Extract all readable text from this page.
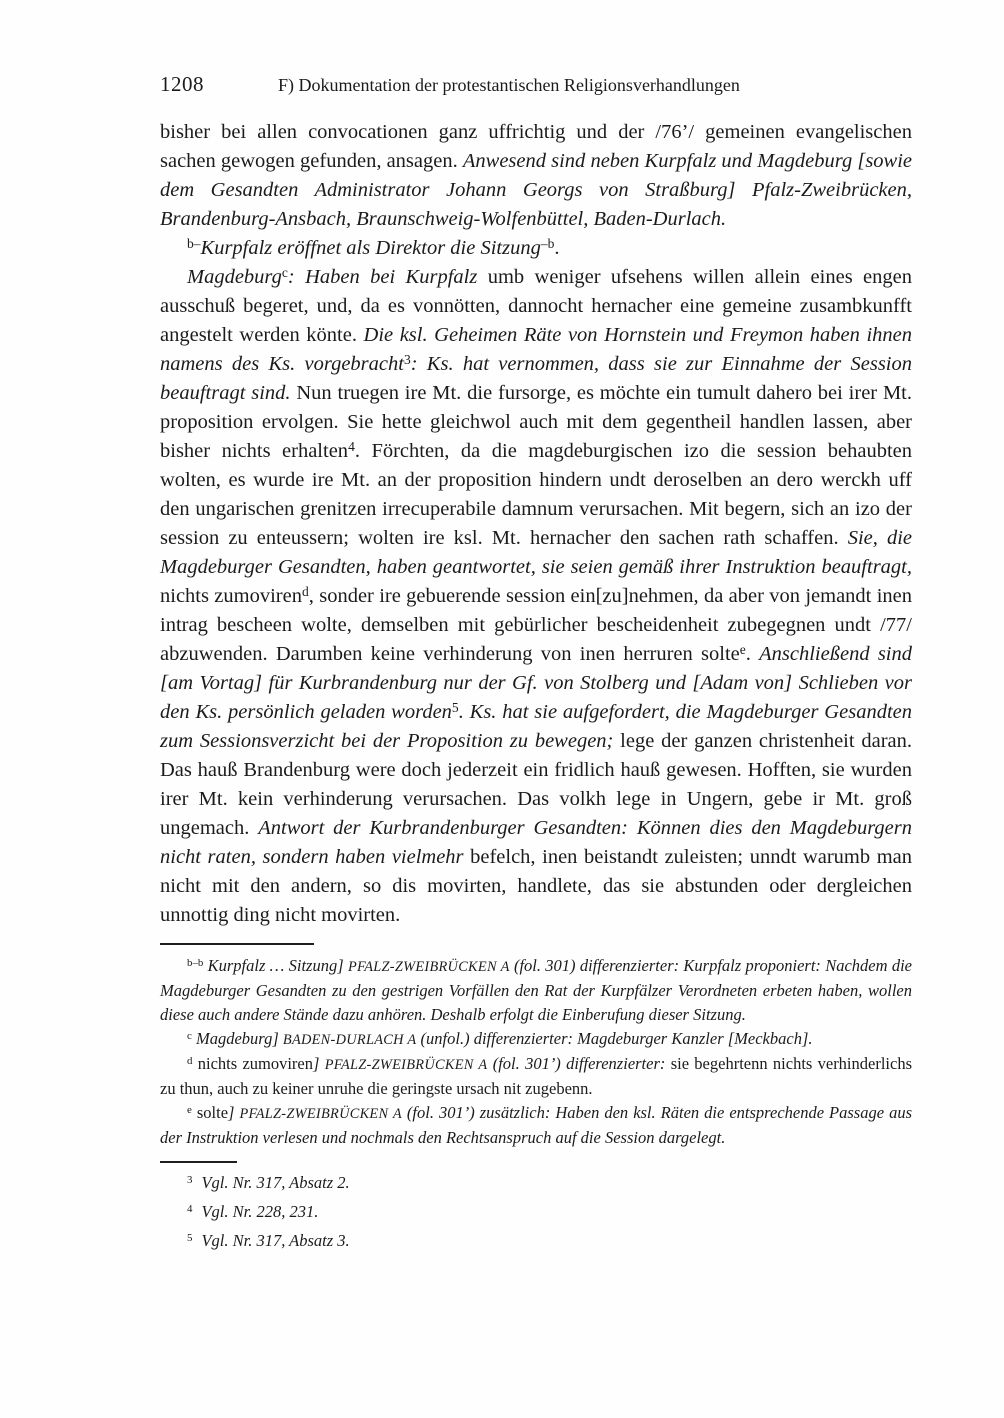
1208	F) Dokumentation der protestantischen Religionsverhandlungen

bisher bei allen convocationen ganz uffrichtig und der /76’/ gemeinen evangelischen sachen gewogen gefunden, ansagen. Anwesend sind neben Kurpfalz und Magdeburg [sowie dem Gesandten Administrator Johann Georgs von Straßburg] Pfalz-Zweibrücken, Brandenburg-Ansbach, Braunschweig-Wolfenbüttel, Baden-Durlach.

$^{b-}$Kurpfalz eröffnet als Direktor die Sitzung$^{-b}$.

Magdeburg$^c$: Haben bei Kurpfalz umb weniger ufsehens willen allein eines engen ausschuß begeret, und, da es vonnötten, dannocht hernacher eine gemeine zusambkunfft angestelt werden könte. Die ksl. Geheimen Räte von Hornstein und Freymon haben ihnen namens des Ks. vorgebracht$^3$: Ks. hat vernommen, dass sie zur Einnahme der Session beauftragt sind. Nun truegen ire Mt. die fursorge, es möchte ein tumult dahero bei irer Mt. proposition ervolgen. Sie hette gleichwol auch mit dem gegentheil handlen lassen, aber bisher nichts erhalten$^4$. Förchten, da die magdeburgischen izo die session behaubten wolten, es wurde ire Mt. an der proposition hindern undt deroselben an dero werckh uff den ungarischen grenitzen irrecuperabile damnum verursachen. Mit begern, sich an izo der session zu enteussern; wolten ire ksl. Mt. hernacher den sachen rath schaffen. Sie, die Magdeburger Gesandten, haben geantwortet, sie seien gemäß ihrer Instruktion beauftragt, nichts zumoviren$^d$, sonder ire gebuerende session ein[zu]nehmen, da aber von jemandt inen intrag bescheen wolte, demselben mit gebürlicher bescheidenheit zubegegnen undt /77/ abzuwenden. Darumben keine verhinderung von inen herruren solte$^e$. Anschließend sind [am Vortag] für Kurbrandenburg nur der Gf. von Stolberg und [Adam von] Schlieben vor den Ks. persönlich geladen worden$^5$. Ks. hat sie aufgefordert, die Magdeburger Gesandten zum Sessionsverzicht bei der Proposition zu bewegen; lege der ganzen christenheit daran. Das hauß Brandenburg were doch jederzeit ein fridlich hauß gewesen. Hofften, sie wurden irer Mt. kein verhinderung verursachen. Das volkh lege in Ungern, gebe ir Mt. groß ungemach. Antwort der Kurbrandenburger Gesandten: Können dies den Magdeburgern nicht raten, sondern haben vielmehr befelch, inen beistandt zuleisten; unndt warumb man nicht mit den andern, so dis movirten, handlete, das sie abstunden oder dergleichen unnottig ding nicht movirten.

$^{b-b}$ Kurpfalz … Sitzung] PFALZ-ZWEIBRÜCKEN A (fol. 301) differenzierter: Kurpfalz proponiert: Nachdem die Magdeburger Gesandten zu den gestrigen Vorfällen den Rat der Kurpfälzer Verordneten erbeten haben, wollen diese auch andere Stände dazu anhören. Deshalb erfolgt die Einberufung dieser Sitzung.

$^c$ Magdeburg] BADEN-DURLACH A (unfol.) differenzierter: Magdeburger Kanzler [Meckbach].

$^d$ nichts zumoviren] PFALZ-ZWEIBRÜCKEN A (fol. 301’) differenzierter: sie begehrtenn nichts verhinderlichs zu thun, auch zu keiner unruhe die geringste ursach nit zugebenn.

$^e$ solte] PFALZ-ZWEIBRÜCKEN A (fol. 301’) zusätzlich: Haben den ksl. Räten die entsprechende Passage aus der Instruktion verlesen und nochmals den Rechtsanspruch auf die Session dargelegt.

$^3$ Vgl. Nr. 317, Absatz 2.

$^4$ Vgl. Nr. 228, 231.

$^5$ Vgl. Nr. 317, Absatz 3.
